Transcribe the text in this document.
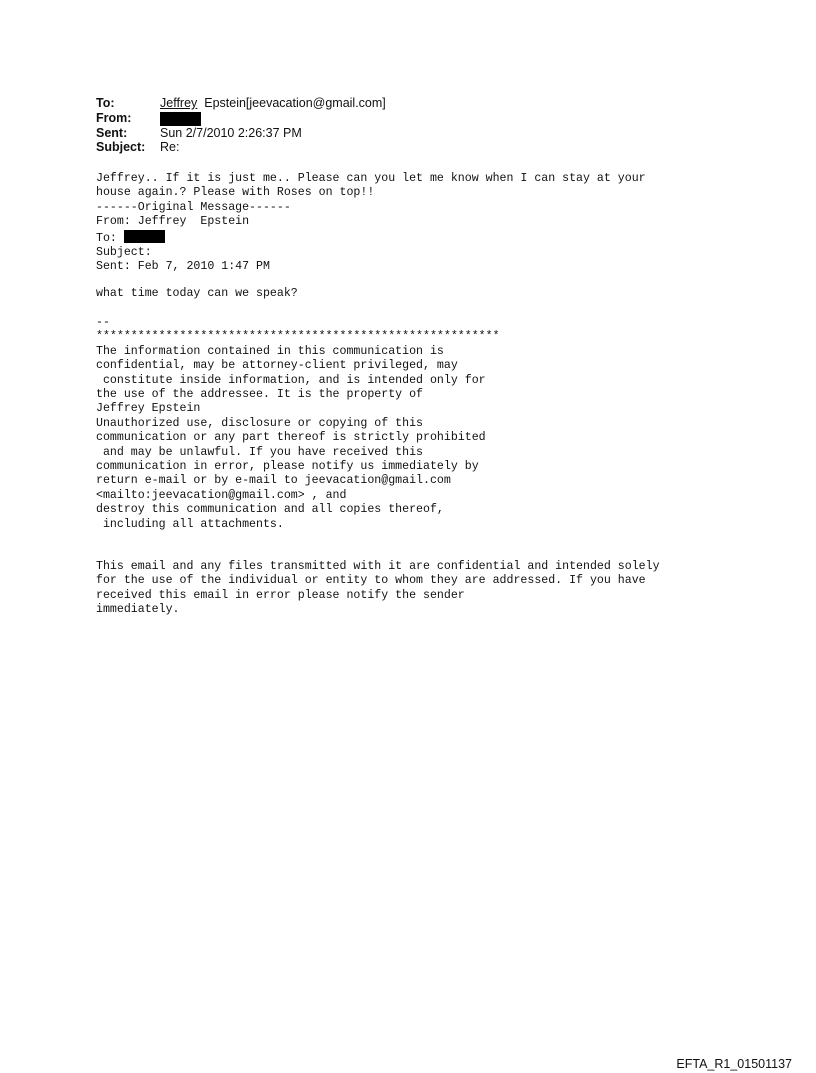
To:	Jeffrey  Epstein[jeevacation@gmail.com]
From:
Sent:	Sun 2/7/2010 2:26:37 PM
Subject:	Re:
Jeffrey.. If it is just me.. Please can you let me know when I can stay at your
house again.? Please with Roses on top!!
------Original Message------
From: Jeffrey  Epstein
To:
Subject:
Sent: Feb 7, 2010 1:47 PM
what time today can we speak?
--
**********************************************************
The information contained in this communication is
confidential, may be attorney-client privileged, may
constitute inside information, and is intended only for
the use of the addressee. It is the property of
Jeffrey Epstein
Unauthorized use, disclosure or copying of this
communication or any part thereof is strictly prohibited
and may be unlawful. If you have received this
communication in error, please notify us immediately by
return e-mail or by e-mail to jeevacation@gmail.com
<mailto:jeevacation@gmail.com> , and
destroy this communication and all copies thereof,
including all attachments.
This email and any files transmitted with it are confidential and intended solely
for the use of the individual or entity to whom they are addressed. If you have
received this email in error please notify the sender
immediately.
EFTA_R1_01501137
